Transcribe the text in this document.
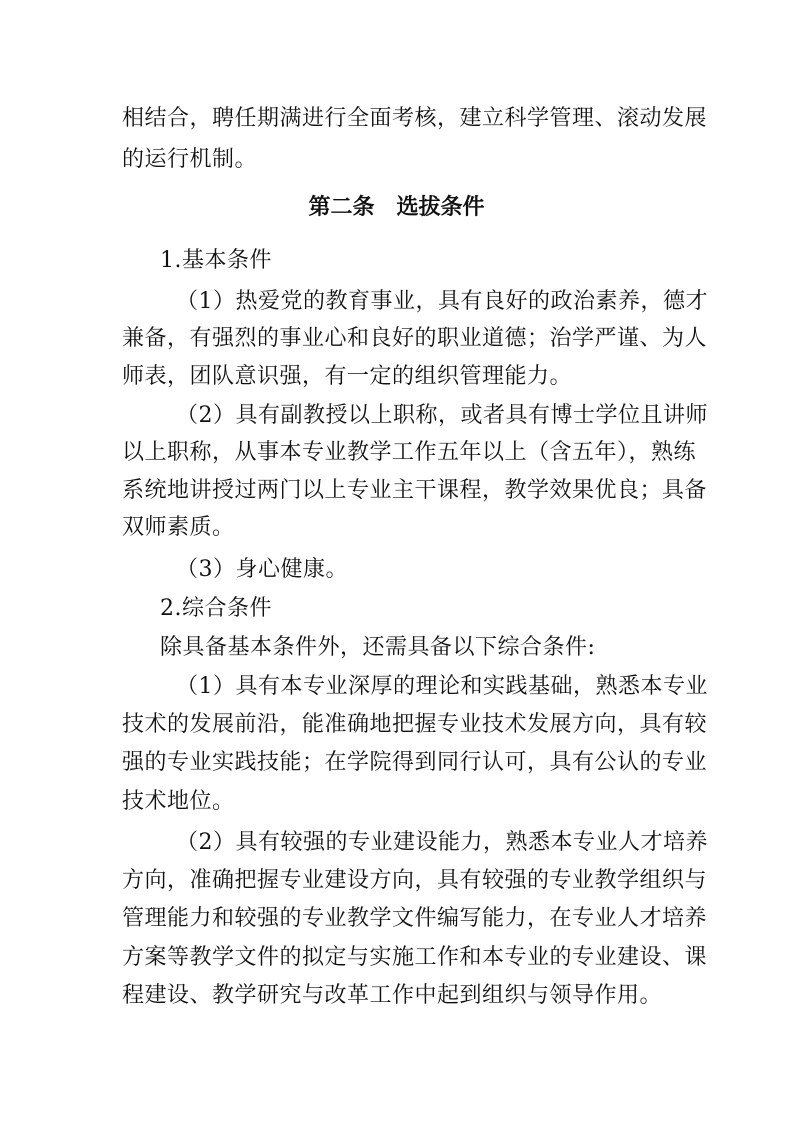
相结合，聘任期满进行全面考核，建立科学管理、滚动发展
的运行机制。
第二条　选拔条件
1.基本条件
（1）热爱党的教育事业，具有良好的政治素养，德才
兼备，有强烈的事业心和良好的职业道德；治学严谨、为人
师表，团队意识强，有一定的组织管理能力。
（2）具有副教授以上职称，或者具有博士学位且讲师
以上职称，从事本专业教学工作五年以上（含五年），熟练
系统地讲授过两门以上专业主干课程，教学效果优良；具备
双师素质。
（3）身心健康。
2.综合条件
除具备基本条件外，还需具备以下综合条件:
（1）具有本专业深厚的理论和实践基础，熟悉本专业
技术的发展前沿，能准确地把握专业技术发展方向，具有较
强的专业实践技能；在学院得到同行认可，具有公认的专业
技术地位。
（2）具有较强的专业建设能力，熟悉本专业人才培养
方向，准确把握专业建设方向，具有较强的专业教学组织与
管理能力和较强的专业教学文件编写能力，在专业人才培养
方案等教学文件的拟定与实施工作和本专业的专业建设、课
程建设、教学研究与改革工作中起到组织与领导作用。
